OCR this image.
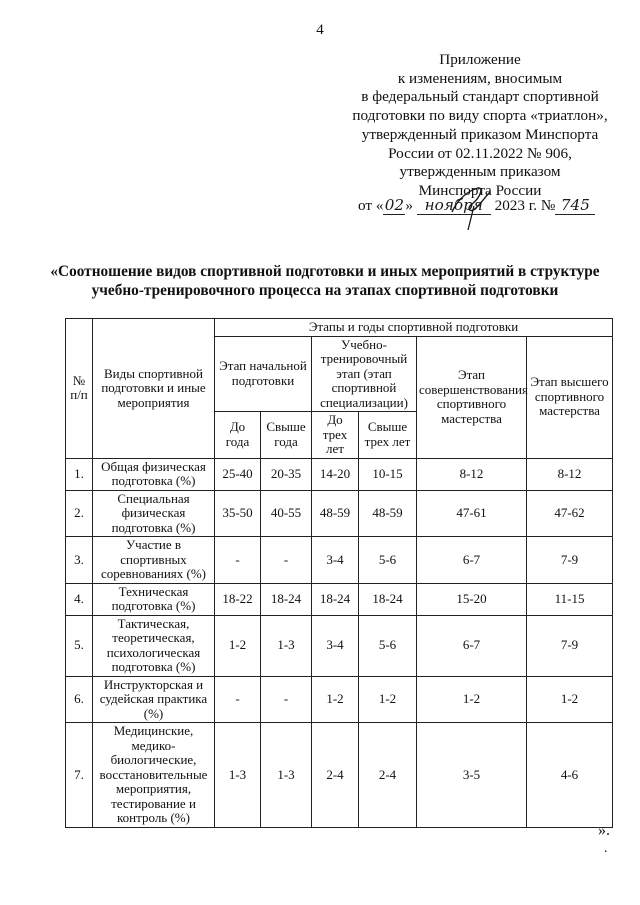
4
Приложение
к изменениям, вносимым
в федеральный стандарт спортивной
подготовки по виду спорта «триатлон»,
утвержденный приказом Минспорта
России от 02.11.2022 № 906,
утвержденным приказом
Минспорта России
от «02» ноября 2023 г. № 745
«Соотношение видов спортивной подготовки и иных мероприятий в структуре учебно-тренировочного процесса на этапах спортивной подготовки
№ п/п	Виды спортивной подготовки и иные мероприятия	Этапы и годы спортивной подготовки					
		Этап начальной подготовки		Учебно-тренировочный этап (этап спортивной специализации)		Этап совершенствования спортивного мастерства	Этап высшего спортивного мастерства
		До года	Свыше года	До трех лет	Свыше трех лет		
1.	Общая физическая подготовка (%)	25-40	20-35	14-20	10-15	8-12	8-12
2.	Специальная физическая подготовка (%)	35-50	40-55	48-59	48-59	47-61	47-62
3.	Участие в спортивных соревнованиях (%)	-	-	3-4	5-6	6-7	7-9
4.	Техническая подготовка (%)	18-22	18-24	18-24	18-24	15-20	11-15
5.	Тактическая, теоретическая, психологическая подготовка (%)	1-2	1-3	3-4	5-6	6-7	7-9
6.	Инструкторская и судейская практика (%)	-	-	1-2	1-2	1-2	1-2
7.	Медицинские, медико-биологические, восстановительные мероприятия, тестирование и контроль (%)	1-3	1-3	2-4	2-4	3-5	4-6
».
.
